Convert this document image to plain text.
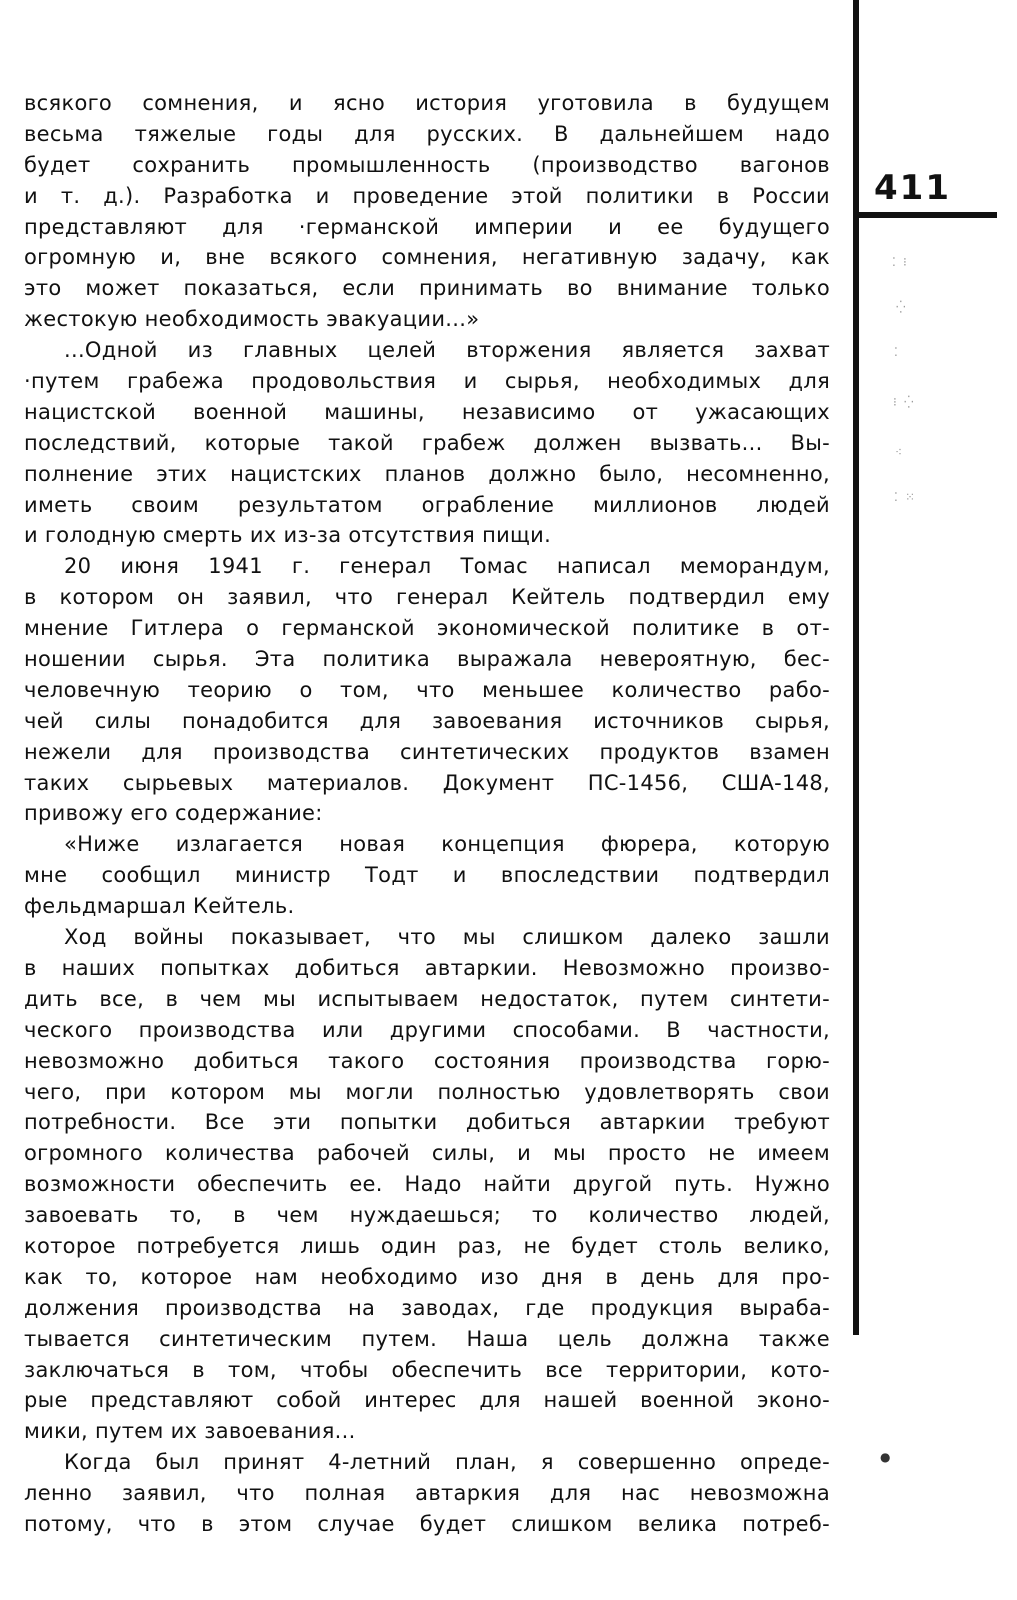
всякого сомнения, и ясно история уготовила в будущем
весьма тяжелые годы для русских. В дальнейшем надо
будет сохранить промышленность (производство вагонов
и т. д.). Разработка и проведение этой политики в России
представляют для ·германской империи и ее будущего
огромную и, вне всякого сомнения, негативную задачу, как
это может показаться, если принимать во внимание только
жестокую необходимость эвакуации...»
...Одной из главных целей вторжения является захват
·путем грабежа продовольствия и сырья, необходимых для
нацистской военной машины, независимо от ужасающих
последствий, которые такой грабеж должен вызвать... Вы-
полнение этих нацистских планов должно было, несомненно,
иметь своим результатом ограбление миллионов людей
и голодную смерть их из-за отсутствия пищи.
20 июня 1941 г. генерал Томас написал меморандум,
в котором он заявил, что генерал Кейтель подтвердил ему
мнение Гитлера о германской экономической политике в от-
ношении сырья. Эта политика выражала невероятную, бес-
человечную теорию о том, что меньшее количество рабо-
чей силы понадобится для завоевания источников сырья,
нежели для производства синтетических продуктов взамен
таких сырьевых материалов. Документ ПС-1456, США-148,
привожу его содержание:
«Ниже излагается новая концепция фюрера, которую
мне сообщил министр Тодт и впоследствии подтвердил
фельдмаршал Кейтель.
Ход войны показывает, что мы слишком далеко зашли
в наших попытках добиться автаркии. Невозможно произво-
дить все, в чем мы испытываем недостаток, путем синтети-
ческого производства или другими способами. В частности,
невозможно добиться такого состояния производства горю-
чего, при котором мы могли полностью удовлетворять свои
потребности. Все эти попытки добиться автаркии требуют
огромного количества рабочей силы, и мы просто не имеем
возможности обеспечить ее. Надо найти другой путь. Нужно
завоевать то, в чем нуждаешься; то количество людей,
которое потребуется лишь один раз, не будет столь велико,
как то, которое нам необходимо изо дня в день для про-
должения производства на заводах, где продукция выраба-
тывается синтетическим путем. Наша цель должна также
заключаться в том, чтобы обеспечить все территории, кото-
рые представляют собой интерес для нашей военной эконо-
мики, путем их завоевания...
Когда был принят 4-летний план, я совершенно опреде-
ленно заявил, что полная автаркия для нас невозможна
потому, что в этом случае будет слишком велика потреб-
411
⁚ ⁝
⁛
⁚
⁝ ⁛
⁖
⁚ ⁙
●
